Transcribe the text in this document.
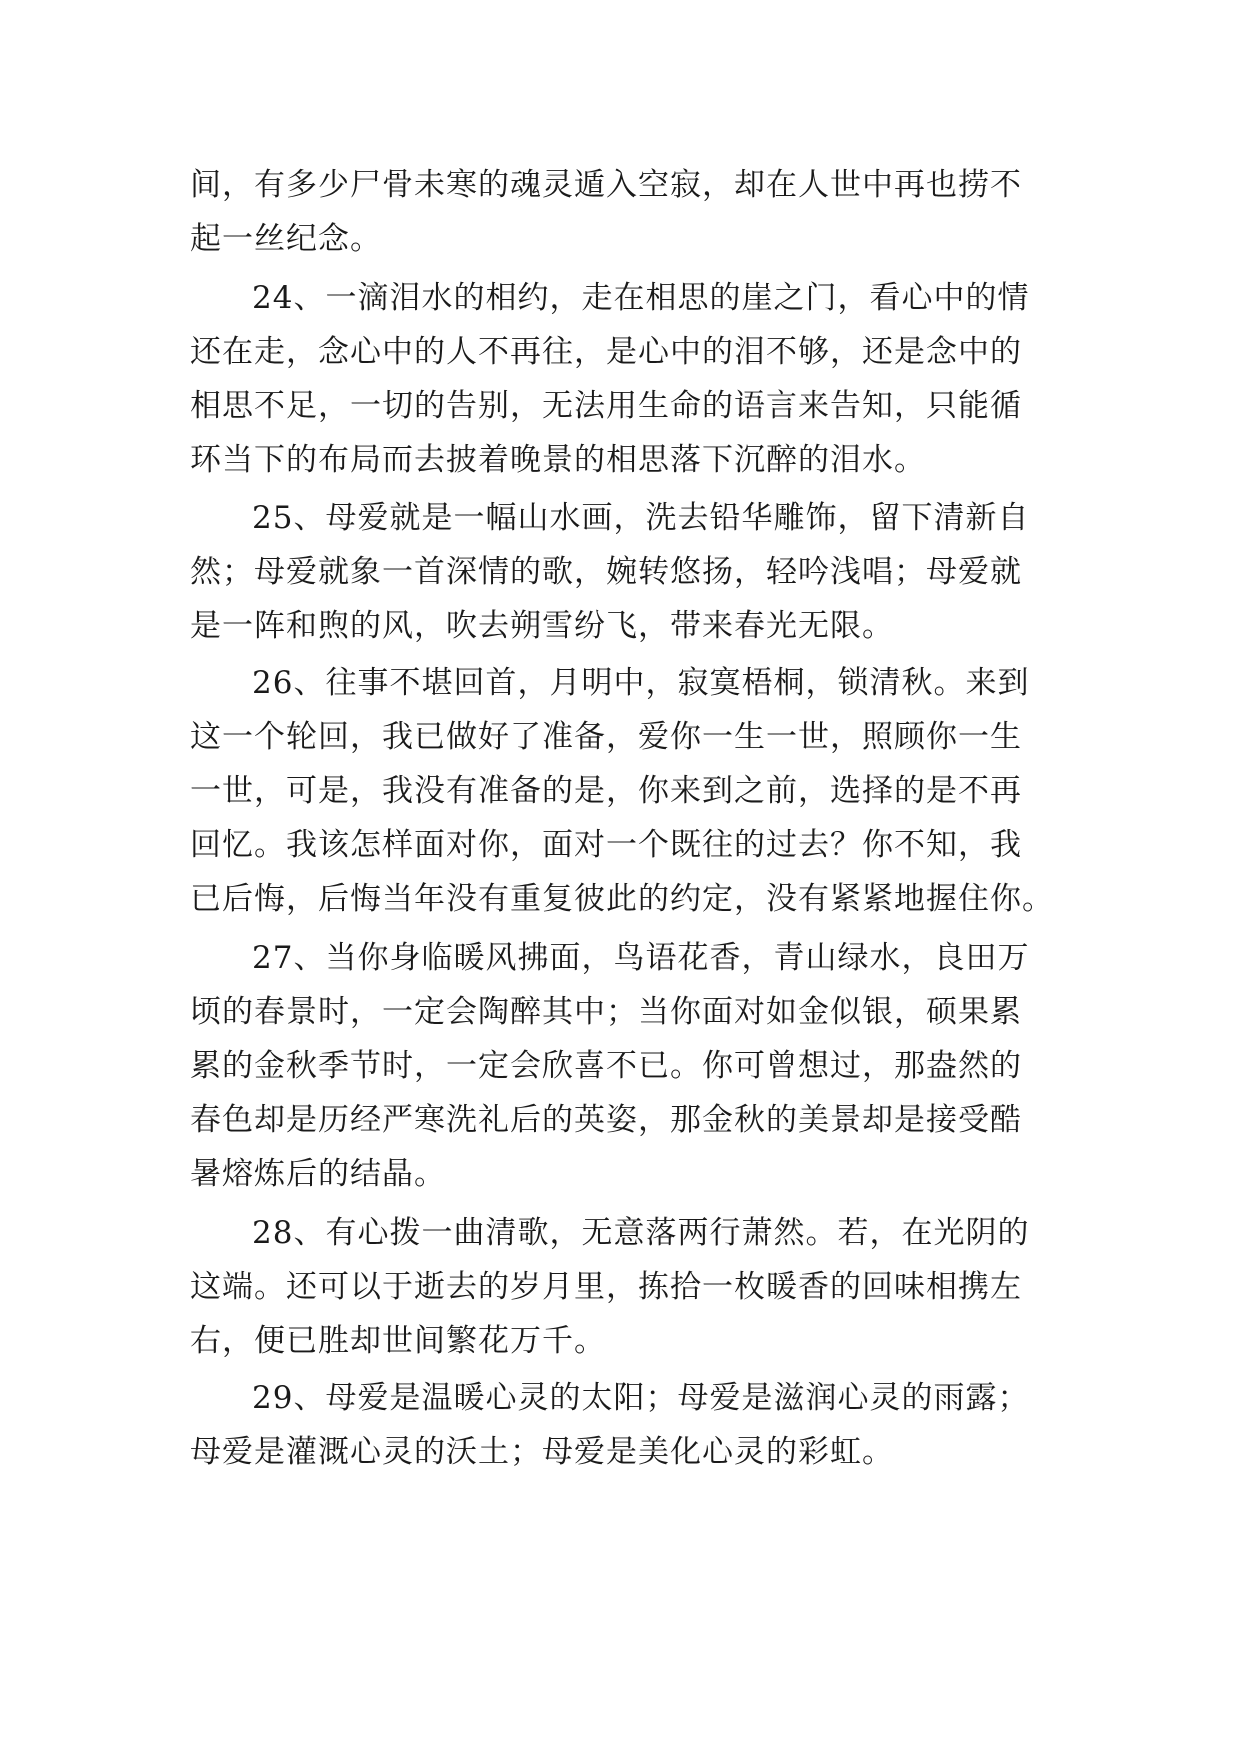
间，有多少尸骨未寒的魂灵遁入空寂，却在人世中再也捞不
起一丝纪念。
24、一滴泪水的相约，走在相思的崖之门，看心中的情
还在走，念心中的人不再往，是心中的泪不够，还是念中的
相思不足，一切的告别，无法用生命的语言来告知，只能循
环当下的布局而去披着晚景的相思落下沉醉的泪水。
25、母爱就是一幅山水画，洗去铅华雕饰，留下清新自
然；母爱就象一首深情的歌，婉转悠扬，轻吟浅唱；母爱就
是一阵和煦的风，吹去朔雪纷飞，带来春光无限。
26、往事不堪回首，月明中，寂寞梧桐，锁清秋。来到
这一个轮回，我已做好了准备，爱你一生一世，照顾你一生
一世，可是，我没有准备的是，你来到之前，选择的是不再
回忆。我该怎样面对你，面对一个既往的过去？你不知，我
已后悔，后悔当年没有重复彼此的约定，没有紧紧地握住你。
27、当你身临暖风拂面，鸟语花香，青山绿水，良田万
顷的春景时，一定会陶醉其中；当你面对如金似银，硕果累
累的金秋季节时，一定会欣喜不已。你可曾想过，那盎然的
春色却是历经严寒洗礼后的英姿，那金秋的美景却是接受酷
暑熔炼后的结晶。
28、有心拨一曲清歌，无意落两行萧然。若，在光阴的
这端。还可以于逝去的岁月里，拣拾一枚暖香的回味相携左
右，便已胜却世间繁花万千。
29、母爱是温暖心灵的太阳；母爱是滋润心灵的雨露；
母爱是灌溉心灵的沃土；母爱是美化心灵的彩虹。
